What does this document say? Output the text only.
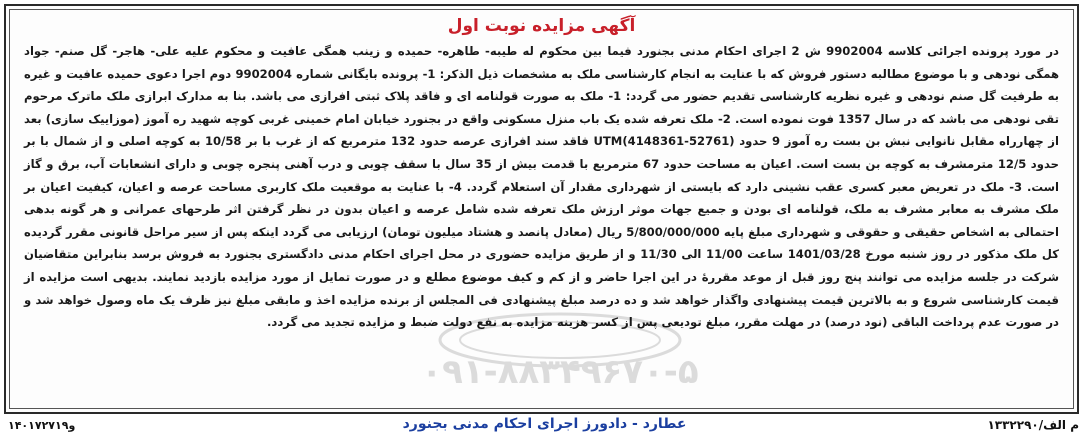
آگهی مزایده نوبت اول
در مورد پرونده اجرائی کلاسه 9902004 ش 2 اجرای احکام مدنی بجنورد فیما بین محکوم له طیبه- طاهره- حمیده و زینب همگی عافیت و محکوم علیه علی- هاجر- گل صنم- جواد همگی نودهی و با موضوع مطالبه دستور فروش که با عنایت به انجام کارشناسی ملک به مشخصات ذیل الذکر: 1- پرونده بایگانی شماره 9902004 دوم اجرا دعوی حمیده عافیت و غیره به طرفیت گل صنم نودهی و غیره نظریه کارشناسی تقدیم حضور می گردد: 1- ملک به صورت قولنامه ای و فاقد پلاک ثبتی افرازی می باشد. بنا به مدارک ابرازی ملک ماترک مرحوم تقی نودهی می باشد که در سال 1357 فوت نموده است. 2- ملک تعرفه شده یک باب منزل مسکونی واقع در بجنورد خیابان امام خمینی غربی کوچه شهید ره آموز (موزاییک سازی) بعد از چهارراه مقابل نانوایی نبش بن بست ره آموز 9 حدود (52761-4148361)UTM فاقد سند افرازی عرصه حدود 132 مترمربع که از غرب با بر 10/58 به کوچه اصلی و از شمال با بر حدود 12/5 مترمشرف به کوچه بن بست است. اعیان به مساحت حدود 67 مترمربع با قدمت بیش از 35 سال با سقف چوبی و درب آهنی پنجره چوبی و دارای انشعابات آب، برق و گاز است. 3- ملک در تعریض معبر کسری عقب نشینی دارد که بایستی از شهرداری مقدار آن استعلام گردد. 4- با عنایت به موقعیت ملک کاربری مساحت عرصه و اعیان، کیفیت اعیان بر ملک مشرف به معابر مشرف به ملک، قولنامه ای بودن و جمیع جهات موثر ارزش ملک تعرفه شده شامل عرصه و اعیان بدون در نظر گرفتن اثر طرحهای عمرانی و هر گونه بدهی احتمالی به اشخاص حقیقی و حقوقی و شهرداری مبلغ پایه 5/800/000/000 ریال (معادل پانصد و هشتاد میلیون تومان) ارزیابی می گردد اینکه پس از سیر مراحل قانونی مقرر گردیده کل ملک مذکور در روز شنبه مورخ 1401/03/28 ساعت 11/00 الی 11/30 و از طریق مزایده حضوری در محل اجرای احکام مدنی دادگستری بجنورد به فروش برسد بنابراین متقاضیان شرکت در جلسه مزایده می توانند پنج روز قبل از موعد مقررهٔ در این اجرا حاضر و از کم و کیف موضوع مطلع و در صورت تمایل از مورد مزایده بازدید نمایند. بدیهی است مزایده از قیمت کارشناسی شروع و به بالاترین قیمت پیشنهادی واگذار خواهد شد و ده درصد مبلغ پیشنهادی فی المجلس از برنده مزایده اخذ و مابقی مبلغ نیز ظرف یک ماه وصول خواهد شد و در صورت عدم پرداخت الباقی (نود درصد) در مهلت مقرر، مبلغ تودیعی پس از کسر هزینه مزایده به نفع دولت ضبط و مزایده تجدید می گردد.
۰۹۱-۸۸۳۴۹۶۷۰-۵
م الف/۱۳۳۲۲۹۰
عطارد - دادورز اجرای احکام مدنی بجنورد
۱۴۰۱۷۲۷۱۹و
